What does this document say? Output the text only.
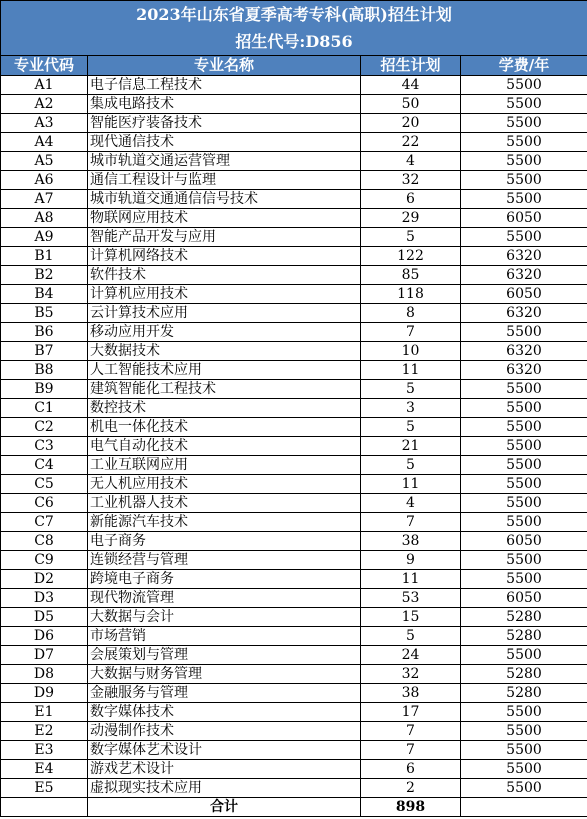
2023年山东省夏季高考专科(高职)招生计划			
招生代号:D856			
专业代码	专业名称	招生计划	学费/年
A1	电子信息工程技术	44	5500
A2	集成电路技术	50	5500
A3	智能医疗装备技术	20	5500
A4	现代通信技术	22	5500
A5	城市轨道交通运营管理	4	5500
A6	通信工程设计与监理	32	5500
A7	城市轨道交通通信信号技术	6	5500
A8	物联网应用技术	29	6050
A9	智能产品开发与应用	5	5500
B1	计算机网络技术	122	6320
B2	软件技术	85	6320
B4	计算机应用技术	118	6050
B5	云计算技术应用	8	6320
B6	移动应用开发	7	5500
B7	大数据技术	10	6320
B8	人工智能技术应用	11	6320
B9	建筑智能化工程技术	5	5500
C1	数控技术	3	5500
C2	机电一体化技术	5	5500
C3	电气自动化技术	21	5500
C4	工业互联网应用	5	5500
C5	无人机应用技术	11	5500
C6	工业机器人技术	4	5500
C7	新能源汽车技术	7	5500
C8	电子商务	38	6050
C9	连锁经营与管理	9	5500
D2	跨境电子商务	11	5500
D3	现代物流管理	53	6050
D5	大数据与会计	15	5280
D6	市场营销	5	5280
D7	会展策划与管理	24	5500
D8	大数据与财务管理	32	5280
D9	金融服务与管理	38	5280
E1	数字媒体技术	17	5500
E2	动漫制作技术	7	5500
E3	数字媒体艺术设计	7	5500
E4	游戏艺术设计	6	5500
E5	虚拟现实技术应用	2	5500
	合计	898	
